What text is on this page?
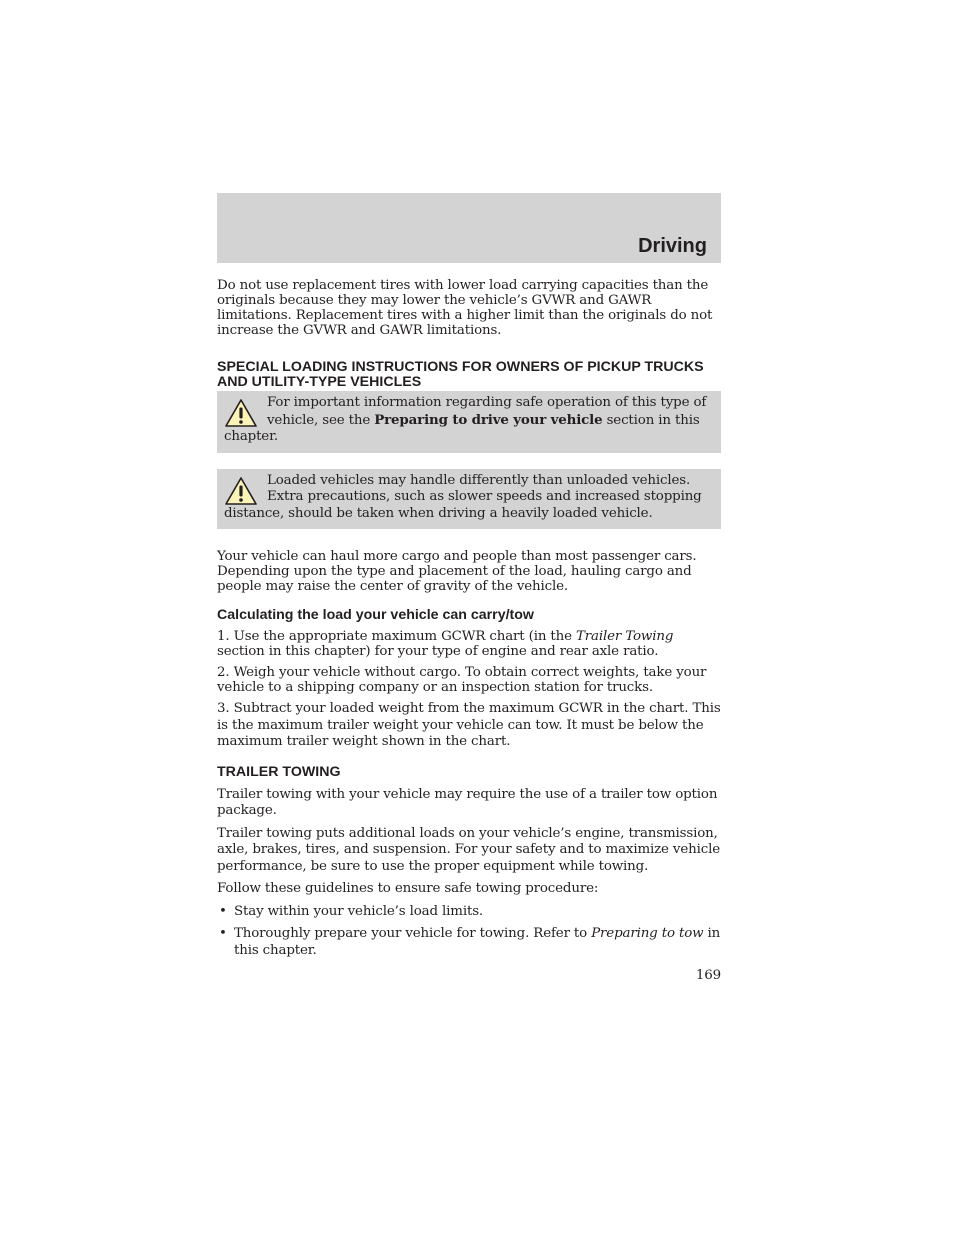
Driving

Do not use replacement tires with lower load carrying capacities than the originals because they may lower the vehicle’s GVWR and GAWR limitations. Replacement tires with a higher limit than the originals do not increase the GVWR and GAWR limitations.

SPECIAL LOADING INSTRUCTIONS FOR OWNERS OF PICKUP TRUCKS AND UTILITY-TYPE VEHICLES
For important information regarding safe operation of this type of vehicle, see the Preparing to drive your vehicle section in this chapter.
Loaded vehicles may handle differently than unloaded vehicles. Extra precautions, such as slower speeds and increased stopping distance, should be taken when driving a heavily loaded vehicle.

Your vehicle can haul more cargo and people than most passenger cars. Depending upon the type and placement of the load, hauling cargo and people may raise the center of gravity of the vehicle.

Calculating the load your vehicle can carry/tow

1. Use the appropriate maximum GCWR chart (in the Trailer Towing section in this chapter) for your type of engine and rear axle ratio.

2. Weigh your vehicle without cargo. To obtain correct weights, take your vehicle to a shipping company or an inspection station for trucks.

3. Subtract your loaded weight from the maximum GCWR in the chart. This is the maximum trailer weight your vehicle can tow. It must be below the maximum trailer weight shown in the chart.

TRAILER TOWING

Trailer towing with your vehicle may require the use of a trailer tow option package.

Trailer towing puts additional loads on your vehicle’s engine, transmission, axle, brakes, tires, and suspension. For your safety and to maximize vehicle performance, be sure to use the proper equipment while towing.

Follow these guidelines to ensure safe towing procedure:

• Stay within your vehicle’s load limits.
• Thoroughly prepare your vehicle for towing. Refer to Preparing to tow in this chapter.
169
